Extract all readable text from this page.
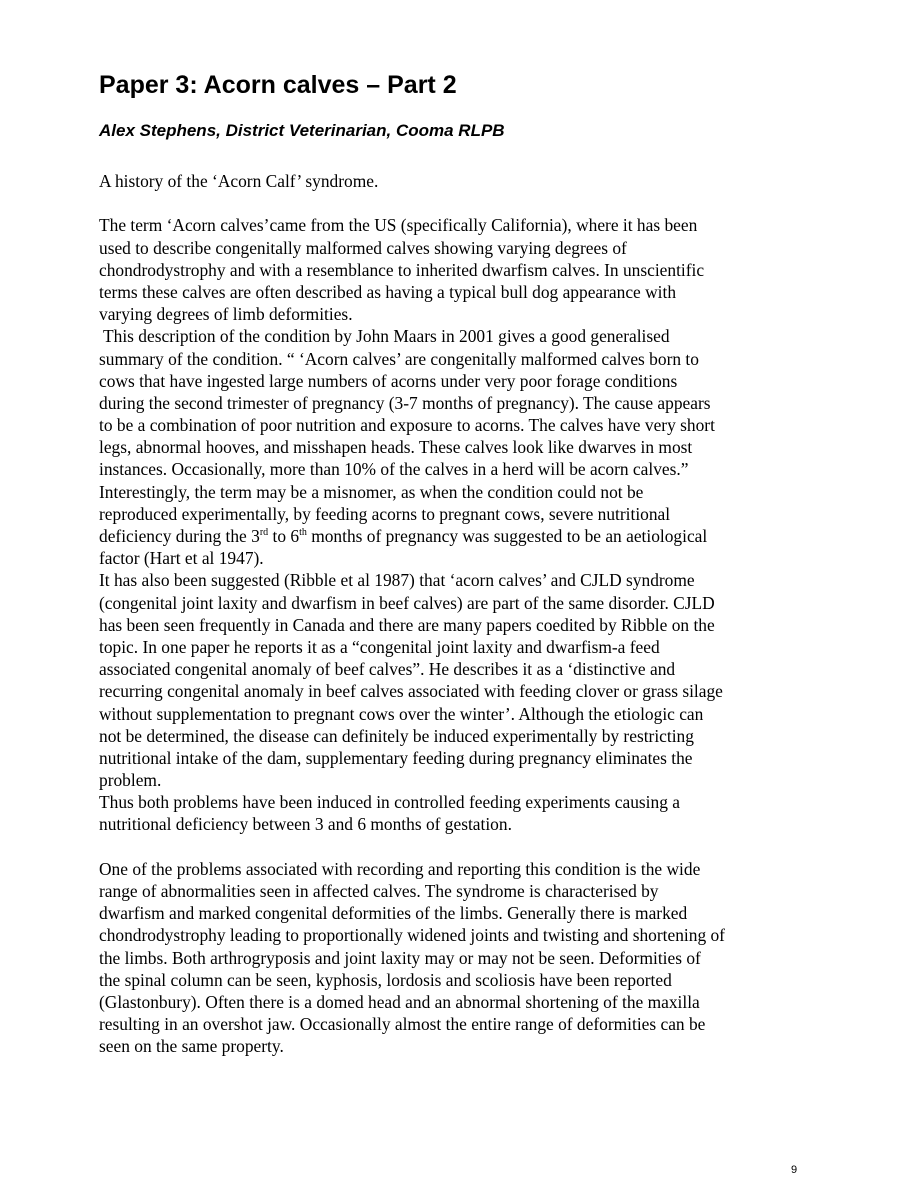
Paper 3: Acorn calves – Part 2
Alex Stephens, District Veterinarian, Cooma RLPB
A history of the ‘Acorn Calf’ syndrome.
The term ‘Acorn calves’came from the US (specifically California), where it has been
used to describe congenitally malformed calves showing varying degrees of
chondrodystrophy and with a resemblance to inherited dwarfism calves. In unscientific
terms these calves are often described as having a typical bull dog appearance with
varying degrees of limb deformities.
This description of the condition by John Maars in 2001 gives a good generalised
summary of the condition. “ ‘Acorn calves’ are congenitally malformed calves born to
cows that have ingested large numbers of acorns under very poor forage conditions
during the second trimester of pregnancy (3-7 months of pregnancy). The cause appears
to be a combination of poor nutrition and exposure to acorns. The calves have very short
legs, abnormal hooves, and misshapen heads. These calves look like dwarves in most
instances. Occasionally, more than 10% of the calves in a herd will be acorn calves.”
Interestingly, the term may be a misnomer, as when the condition could not be
reproduced experimentally, by feeding acorns to pregnant cows, severe nutritional
deficiency during the 3rd to 6th months of pregnancy was suggested to be an aetiological
factor (Hart et al 1947).
It has also been suggested (Ribble et al 1987) that ‘acorn calves’ and CJLD syndrome
(congenital joint laxity and dwarfism in beef calves) are part of the same disorder. CJLD
has been seen frequently in Canada and there are many papers coedited by Ribble on the
topic. In one paper he reports it as a “congenital joint laxity and dwarfism-a feed
associated congenital anomaly of beef calves”. He describes it as a ‘distinctive and
recurring congenital anomaly in beef calves associated with feeding clover or grass silage
without supplementation to pregnant cows over the winter’. Although the etiologic can
not be determined, the disease can definitely be induced experimentally by restricting
nutritional intake of the dam, supplementary feeding during pregnancy eliminates the
problem.
Thus both problems have been induced in controlled feeding experiments causing a
nutritional deficiency between 3 and 6 months of gestation.
One of the problems associated with recording and reporting this condition is the wide
range of abnormalities seen in affected calves. The syndrome is characterised by
dwarfism and marked congenital deformities of the limbs. Generally there is marked
chondrodystrophy leading to proportionally widened joints and twisting and shortening of
the limbs. Both arthrogryposis and joint laxity may or may not be seen. Deformities of
the spinal column can be seen, kyphosis, lordosis and scoliosis have been reported
(Glastonbury). Often there is a domed head and an abnormal shortening of the maxilla
resulting in an overshot jaw. Occasionally almost the entire range of deformities can be
seen on the same property.
9
